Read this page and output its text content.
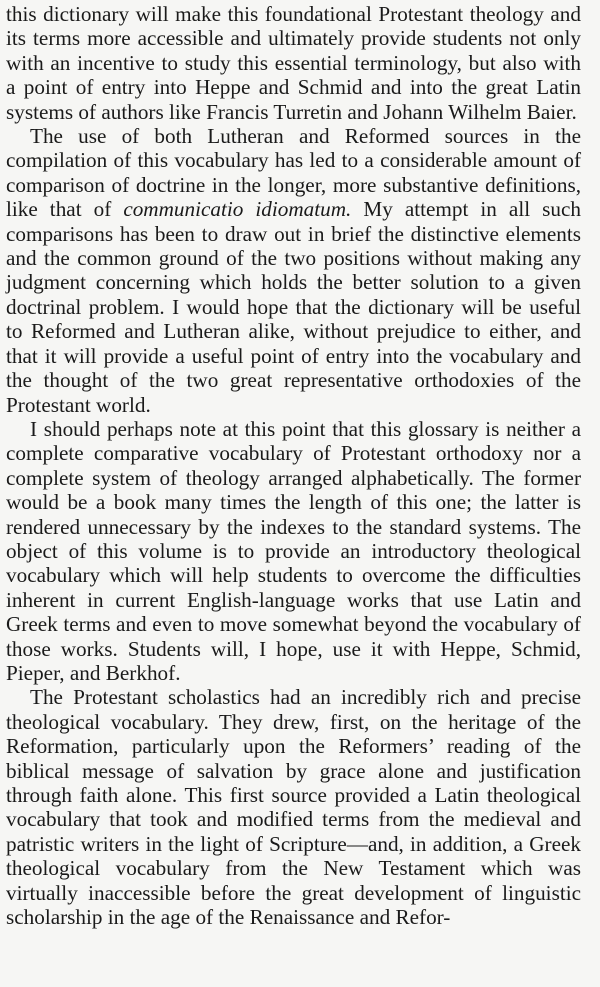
this dictionary will make this foundational Protestant theology and its terms more accessible and ultimately provide students not only with an incentive to study this essential terminology, but also with a point of entry into Heppe and Schmid and into the great Latin systems of authors like Francis Turretin and Johann Wilhelm Baier.

The use of both Lutheran and Reformed sources in the compilation of this vocabulary has led to a considerable amount of comparison of doctrine in the longer, more substantive definitions, like that of communicatio idiomatum. My attempt in all such comparisons has been to draw out in brief the distinctive elements and the common ground of the two positions without making any judgment concerning which holds the better solution to a given doctrinal problem. I would hope that the dictionary will be useful to Reformed and Lutheran alike, without prejudice to either, and that it will provide a useful point of entry into the vocabulary and the thought of the two great representative orthodoxies of the Protestant world.

I should perhaps note at this point that this glossary is neither a complete comparative vocabulary of Protestant orthodoxy nor a complete system of theology arranged alphabetically. The former would be a book many times the length of this one; the latter is rendered unnecessary by the indexes to the standard systems. The object of this volume is to provide an introductory theological vocabulary which will help students to overcome the difficulties inherent in current English-language works that use Latin and Greek terms and even to move somewhat beyond the vocabulary of those works. Students will, I hope, use it with Heppe, Schmid, Pieper, and Berkhof.

The Protestant scholastics had an incredibly rich and precise theological vocabulary. They drew, first, on the heritage of the Reformation, particularly upon the Reformers’ reading of the biblical message of salvation by grace alone and justification through faith alone. This first source provided a Latin theological vocabulary that took and modified terms from the medieval and patristic writers in the light of Scripture—and, in addition, a Greek theological vocabulary from the New Testament which was virtually inaccessible before the great development of linguistic scholarship in the age of the Renaissance and Refor-
